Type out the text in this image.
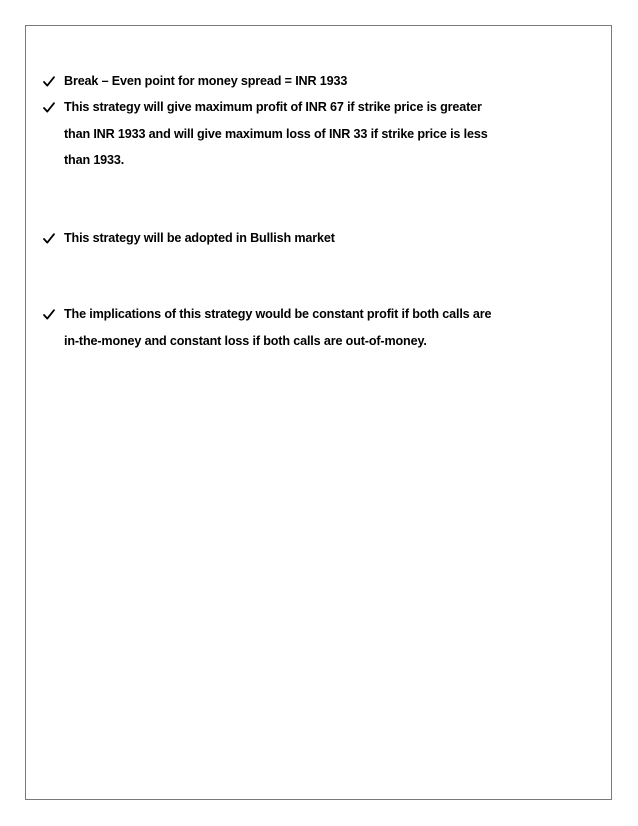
Break – Even point for money spread = INR 1933
This strategy will give maximum profit of INR 67 if strike price is greater
than INR 1933 and will give maximum loss of INR 33 if strike price is less
than 1933.
This strategy will be adopted in Bullish market
The implications of this strategy would be constant profit if both calls are
in-the-money and constant loss if both calls are out-of-money.
